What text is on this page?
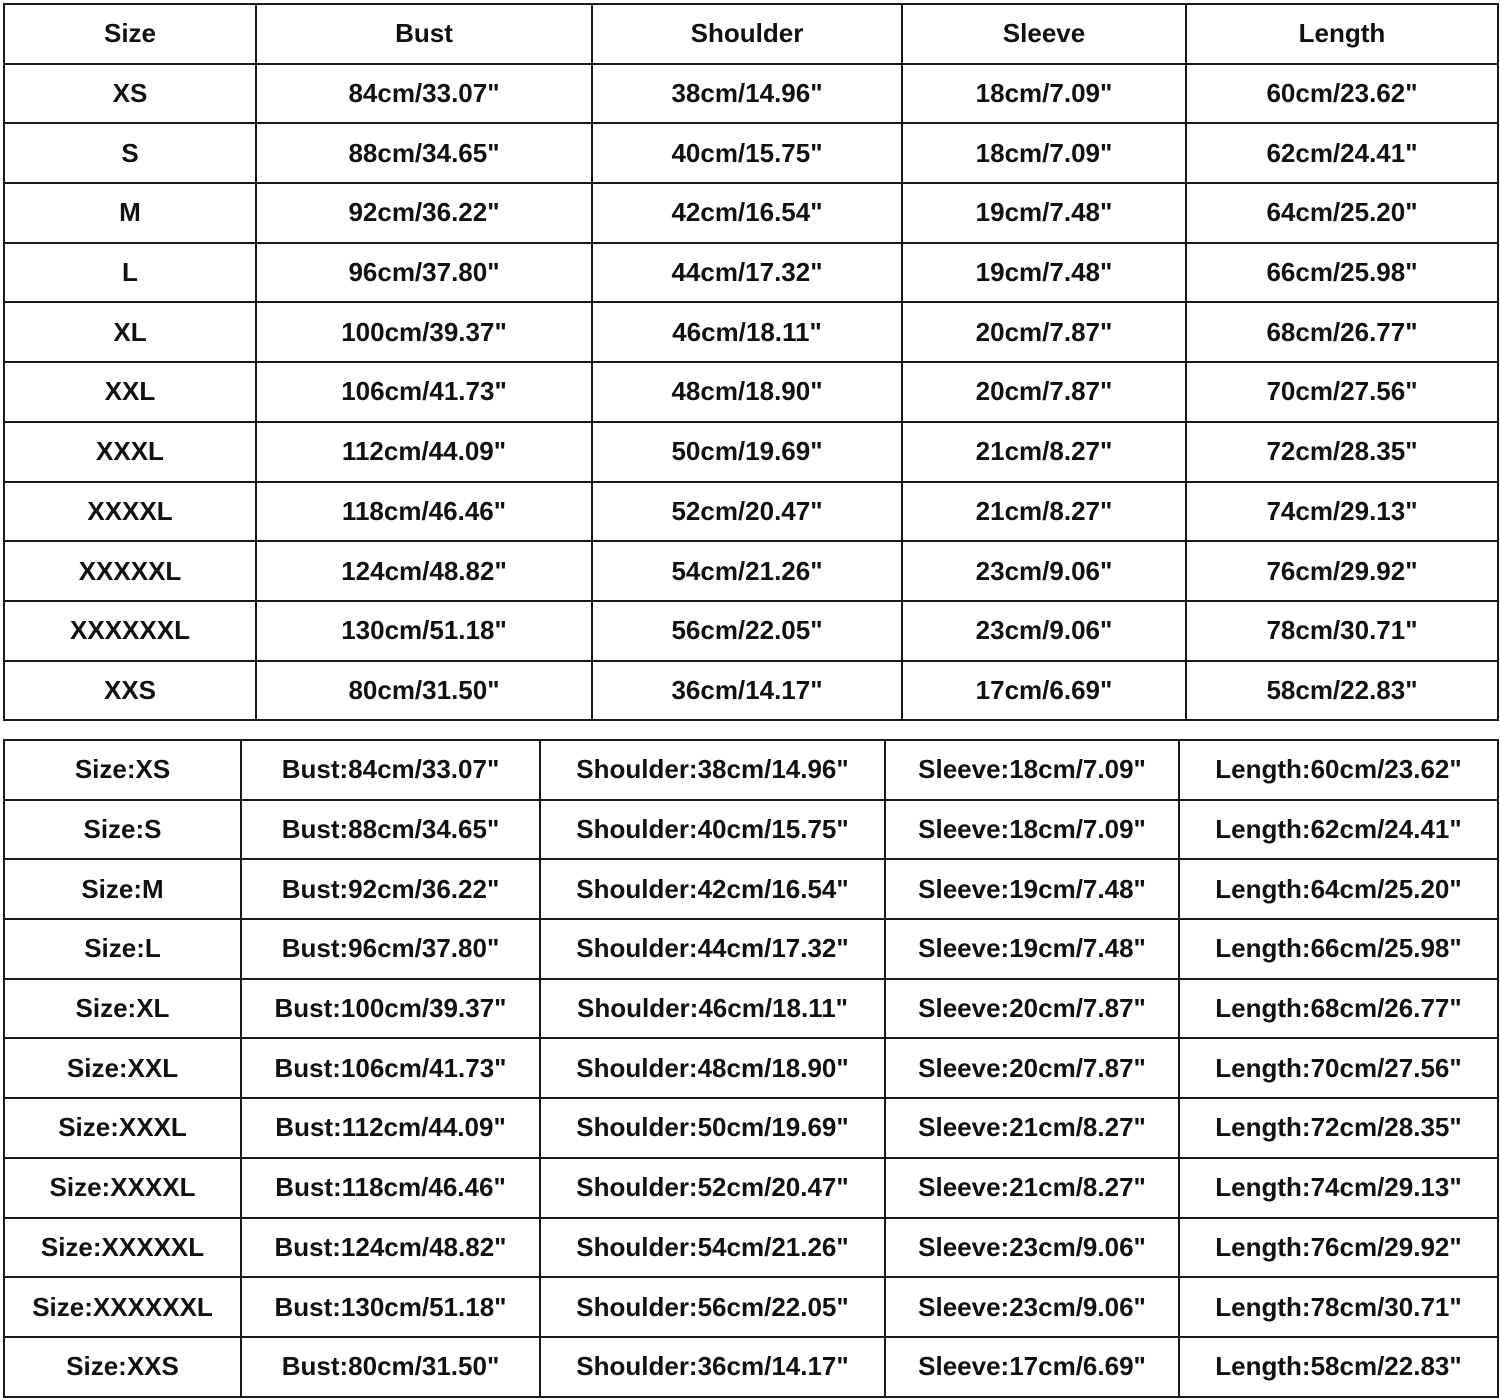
Size	Bust	Shoulder	Sleeve	Length
XS	84cm/33.07"	38cm/14.96"	18cm/7.09"	60cm/23.62"
S	88cm/34.65"	40cm/15.75"	18cm/7.09"	62cm/24.41"
M	92cm/36.22"	42cm/16.54"	19cm/7.48"	64cm/25.20"
L	96cm/37.80"	44cm/17.32"	19cm/7.48"	66cm/25.98"
XL	100cm/39.37"	46cm/18.11"	20cm/7.87"	68cm/26.77"
XXL	106cm/41.73"	48cm/18.90"	20cm/7.87"	70cm/27.56"
XXXL	112cm/44.09"	50cm/19.69"	21cm/8.27"	72cm/28.35"
XXXXL	118cm/46.46"	52cm/20.47"	21cm/8.27"	74cm/29.13"
XXXXXL	124cm/48.82"	54cm/21.26"	23cm/9.06"	76cm/29.92"
XXXXXXL	130cm/51.18"	56cm/22.05"	23cm/9.06"	78cm/30.71"
XXS	80cm/31.50"	36cm/14.17"	17cm/6.69"	58cm/22.83"
Size:XS	Bust:84cm/33.07"	Shoulder:38cm/14.96"	Sleeve:18cm/7.09"	Length:60cm/23.62"
Size:S	Bust:88cm/34.65"	Shoulder:40cm/15.75"	Sleeve:18cm/7.09"	Length:62cm/24.41"
Size:M	Bust:92cm/36.22"	Shoulder:42cm/16.54"	Sleeve:19cm/7.48"	Length:64cm/25.20"
Size:L	Bust:96cm/37.80"	Shoulder:44cm/17.32"	Sleeve:19cm/7.48"	Length:66cm/25.98"
Size:XL	Bust:100cm/39.37"	Shoulder:46cm/18.11"	Sleeve:20cm/7.87"	Length:68cm/26.77"
Size:XXL	Bust:106cm/41.73"	Shoulder:48cm/18.90"	Sleeve:20cm/7.87"	Length:70cm/27.56"
Size:XXXL	Bust:112cm/44.09"	Shoulder:50cm/19.69"	Sleeve:21cm/8.27"	Length:72cm/28.35"
Size:XXXXL	Bust:118cm/46.46"	Shoulder:52cm/20.47"	Sleeve:21cm/8.27"	Length:74cm/29.13"
Size:XXXXXL	Bust:124cm/48.82"	Shoulder:54cm/21.26"	Sleeve:23cm/9.06"	Length:76cm/29.92"
Size:XXXXXXL	Bust:130cm/51.18"	Shoulder:56cm/22.05"	Sleeve:23cm/9.06"	Length:78cm/30.71"
Size:XXS	Bust:80cm/31.50"	Shoulder:36cm/14.17"	Sleeve:17cm/6.69"	Length:58cm/22.83"
